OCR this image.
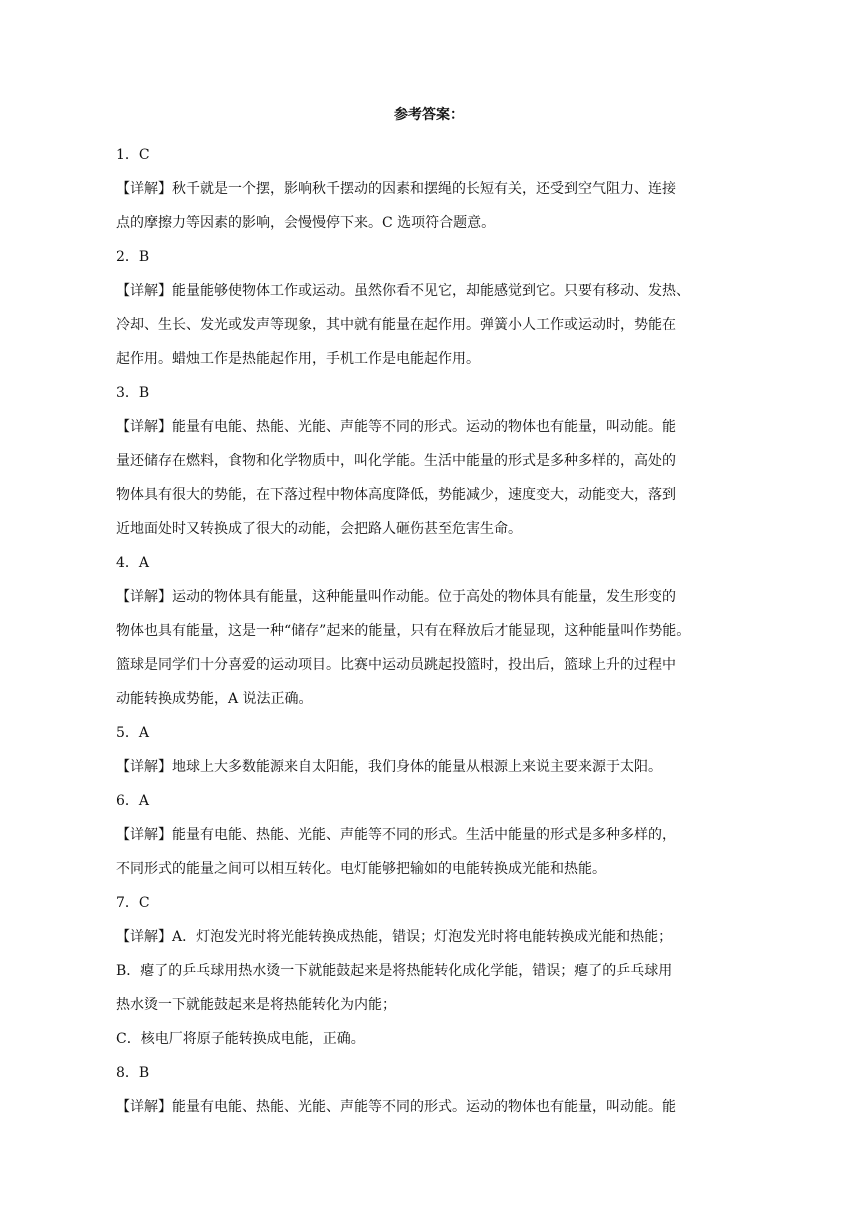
参考答案：
1．C
【详解】秋千就是一个摆，影响秋千摆动的因素和摆绳的长短有关，还受到空气阻力、连接
点的摩擦力等因素的影响，会慢慢停下来。C 选项符合题意。
2．B
【详解】能量能够使物体工作或运动。虽然你看不见它，却能感觉到它。只要有移动、发热、
冷却、生长、发光或发声等现象，其中就有能量在起作用。弹簧小人工作或运动时，势能在
起作用。蜡烛工作是热能起作用，手机工作是电能起作用。
3．B
【详解】能量有电能、热能、光能、声能等不同的形式。运动的物体也有能量，叫动能。能
量还储存在燃料，食物和化学物质中，叫化学能。生活中能量的形式是多种多样的，高处的
物体具有很大的势能，在下落过程中物体高度降低，势能减少，速度变大，动能变大，落到
近地面处时又转换成了很大的动能，会把路人砸伤甚至危害生命。
4．A
【详解】运动的物体具有能量，这种能量叫作动能。位于高处的物体具有能量，发生形变的
物体也具有能量，这是一种“储存”起来的能量，只有在释放后才能显现，这种能量叫作势能。
篮球是同学们十分喜爱的运动项目。比赛中运动员跳起投篮时，投出后，篮球上升的过程中
动能转换成势能，A 说法正确。
5．A
【详解】地球上大多数能源来自太阳能，我们身体的能量从根源上来说主要来源于太阳。
6．A
【详解】能量有电能、热能、光能、声能等不同的形式。生活中能量的形式是多种多样的，
不同形式的能量之间可以相互转化。电灯能够把输如的电能转换成光能和热能。
7．C
【详解】A．灯泡发光时将光能转换成热能，错误；灯泡发光时将电能转换成光能和热能；
B．瘪了的乒乓球用热水烫一下就能鼓起来是将热能转化成化学能，错误；瘪了的乒乓球用
热水烫一下就能鼓起来是将热能转化为内能；
C．核电厂将原子能转换成电能，正确。
8．B
【详解】能量有电能、热能、光能、声能等不同的形式。运动的物体也有能量，叫动能。能
